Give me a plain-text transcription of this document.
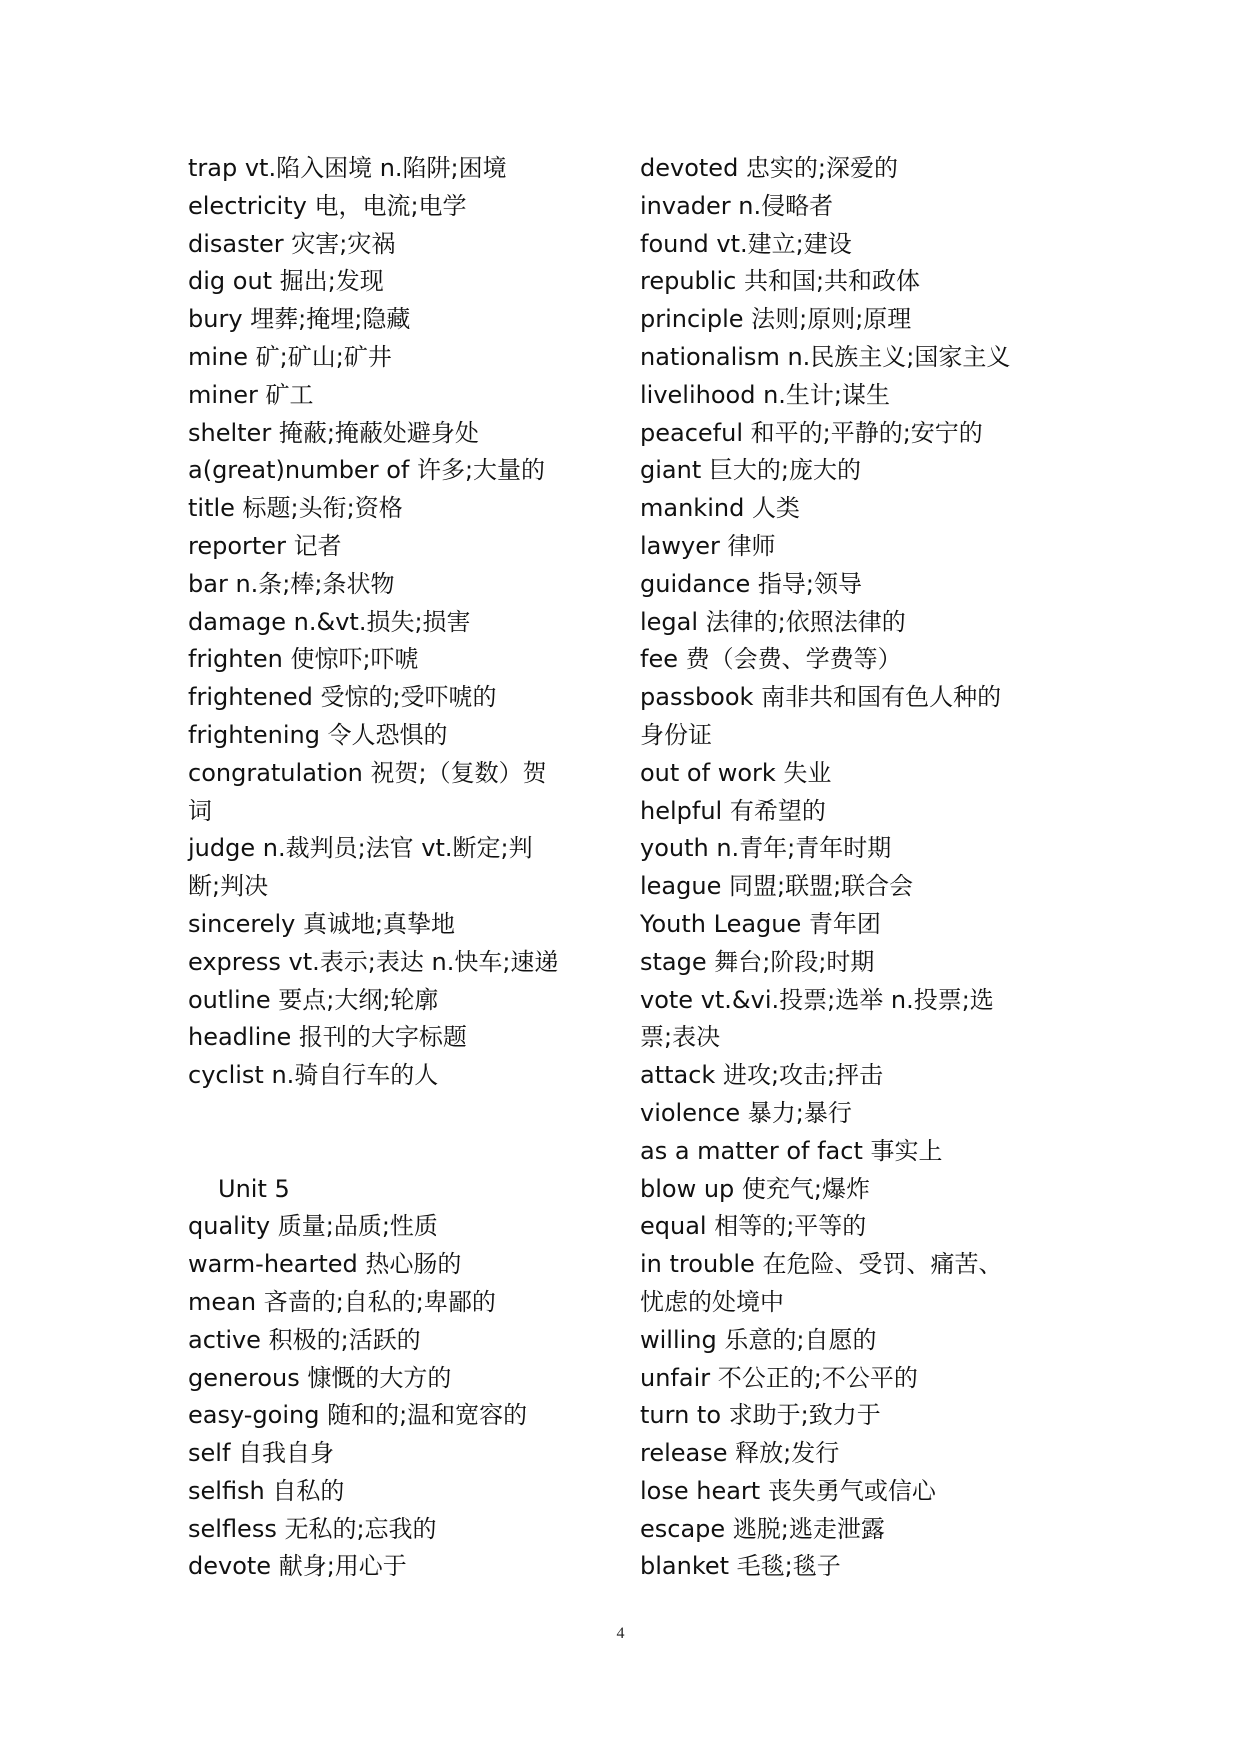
trap vt.陷入困境 n.陷阱;困境
electricity 电，电流;电学
disaster 灾害;灾祸
dig out 掘出;发现
bury 埋葬;掩埋;隐藏
mine 矿;矿山;矿井
miner 矿工
shelter 掩蔽;掩蔽处避身处
a(great)number of 许多;大量的
title 标题;头衔;资格
reporter 记者
bar n.条;棒;条状物
damage n.&vt.损失;损害
frighten 使惊吓;吓唬
frightened 受惊的;受吓唬的
frightening 令人恐惧的
congratulation 祝贺;（复数）贺
词
judge n.裁判员;法官 vt.断定;判
断;判决
sincerely 真诚地;真挚地
express vt.表示;表达 n.快车;速递
outline 要点;大纲;轮廓
headline 报刊的大字标题
cyclist n.骑自行车的人
Unit 5
quality 质量;品质;性质
warm-hearted 热心肠的
mean 吝啬的;自私的;卑鄙的
active 积极的;活跃的
generous 慷慨的大方的
easy-going 随和的;温和宽容的
self 自我自身
selfish 自私的
selfless 无私的;忘我的
devote 献身;用心于
devoted 忠实的;深爱的
invader n.侵略者
found vt.建立;建设
republic 共和国;共和政体
principle 法则;原则;原理
nationalism n.民族主义;国家主义
livelihood n.生计;谋生
peaceful 和平的;平静的;安宁的
giant 巨大的;庞大的
mankind 人类
lawyer 律师
guidance 指导;领导
legal 法律的;依照法律的
fee 费（会费、学费等）
passbook 南非共和国有色人种的
身份证
out of work 失业
helpful 有希望的
youth n.青年;青年时期
league 同盟;联盟;联合会
Youth League 青年团
stage 舞台;阶段;时期
vote vt.&vi.投票;选举 n.投票;选
票;表决
attack 进攻;攻击;抨击
violence 暴力;暴行
as a matter of fact 事实上
blow up 使充气;爆炸
equal 相等的;平等的
in trouble 在危险、受罚、痛苦、
忧虑的处境中
willing 乐意的;自愿的
unfair 不公正的;不公平的
turn to 求助于;致力于
release 释放;发行
lose heart 丧失勇气或信心
escape 逃脱;逃走泄露
blanket 毛毯;毯子
4
